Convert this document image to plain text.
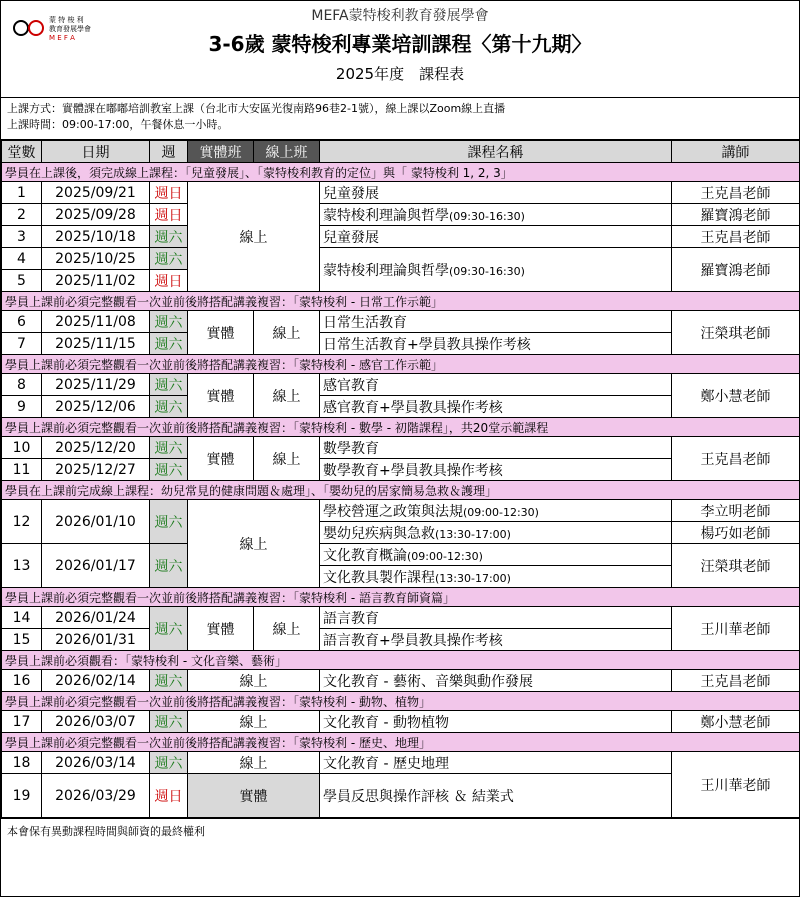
蒙 特 梭 利
教育發展學會
M E F A
MEFA蒙特梭利教育發展學會
3-6歲 蒙特梭利專業培訓課程〈第十九期〉
2025年度　課程表
上課方式：實體課在嘟嘟培訓教室上課（台北市大安區光復南路96巷2-1號），線上課以Zoom線上直播
上課時間：09:00-17:00，午餐休息一小時。
堂數	日期	週	實體班	線上班	課程名稱	講師
學員在上課後，須完成線上課程：「兒童發展」、「蒙特梭利教育的定位」與「 蒙特梭利 1, 2, 3」						
1	2025/09/21	週日	線上		兒童發展	王克昌老師
2	2025/09/28	週日			蒙特梭利理論與哲學(09:30-16:30)	羅寶鴻老師
3	2025/10/18	週六			兒童發展	王克昌老師
4	2025/10/25	週六			蒙特梭利理論與哲學(09:30-16:30)	羅寶鴻老師
5	2025/11/02	週日				
學員上課前必須完整觀看一次並前後將搭配講義複習：「蒙特梭利 - 日常工作示範」						
6	2025/11/08	週六	實體	線上	日常生活教育	汪榮琪老師
7	2025/11/15	週六			日常生活教育+學員教具操作考核	
學員上課前必須完整觀看一次並前後將搭配講義複習：「蒙特梭利 - 感官工作示範」						
8	2025/11/29	週六	實體	線上	感官教育	鄭小慧老師
9	2025/12/06	週六			感官教育+學員教具操作考核	
學員上課前必須完整觀看一次並前後將搭配講義複習：「蒙特梭利 - 數學 - 初階課程」，共20堂示範課程						
10	2025/12/20	週六	實體	線上	數學教育	王克昌老師
11	2025/12/27	週六			數學教育+學員教具操作考核	
學員在上課前完成線上課程：幼兒常見的健康問題＆處理」、「嬰幼兒的居家簡易急救＆護理」						
12	2026/01/10	週六	線上		學校營運之政策與法規(09:00-12:30)	李立明老師
					嬰幼兒疾病與急救(13:30-17:00)	楊巧如老師
13	2026/01/17	週六			文化教育概論(09:00-12:30)	汪榮琪老師
					文化教具製作課程(13:30-17:00)	
學員上課前必須完整觀看一次並前後將搭配講義複習：「蒙特梭利 - 語言教育師資篇」						
14	2026/01/24	週六	實體	線上	語言教育	王川華老師
15	2026/01/31				語言教育+學員教具操作考核	
學員上課前必須觀看：「蒙特梭利 - 文化音樂、藝術」						
16	2026/02/14	週六	線上		文化教育 - 藝術、音樂與動作發展	王克昌老師
學員上課前必須完整觀看一次並前後將搭配講義複習：「蒙特梭利 - 動物、植物」						
17	2026/03/07	週六	線上		文化教育 - 動物植物	鄭小慧老師
學員上課前必須完整觀看一次並前後將搭配講義複習：「蒙特梭利 - 歷史、地理」						
18	2026/03/14	週六	線上		文化教育 - 歷史地理	王川華老師
19	2026/03/29	週日	實體		學員反思與操作評核 ＆ 結業式	
本會保有異動課程時間與師資的最終權利
